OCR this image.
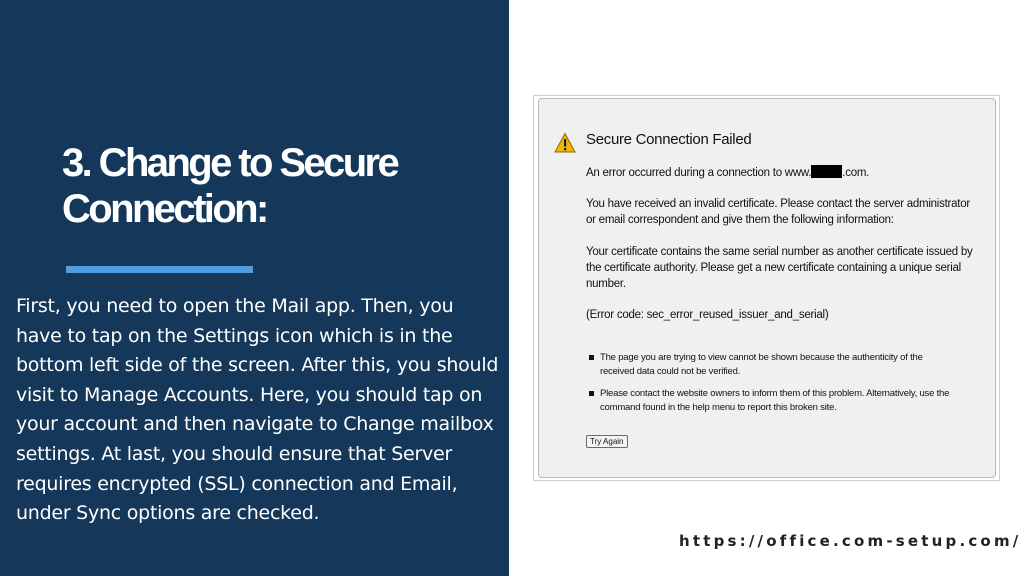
3. Change to Secure Connection:

First, you need to open the Mail app. Then, you have to tap on the Settings icon which is in the bottom left side of the screen. After this, you should visit to Manage Accounts. Here, you should tap on your account and then navigate to Change mailbox settings. At last, you should ensure that Server requires encrypted (SSL) connection and Email, under Sync options are checked.

Secure Connection Failed

An error occurred during a connection to www.	.com.

You have received an invalid certificate. Please contact the server administrator or email correspondent and give them the following information:

Your certificate contains the same serial number as another certificate issued by the certificate authority. Please get a new certificate containing a unique serial number.

(Error code: sec_error_reused_issuer_and_serial)

The page you are trying to view cannot be shown because the authenticity of the received data could not be verified.
Please contact the website owners to inform them of this problem. Alternatively, use the command found in the help menu to report this broken site.
Try Again

https://office.com-setup.com/
